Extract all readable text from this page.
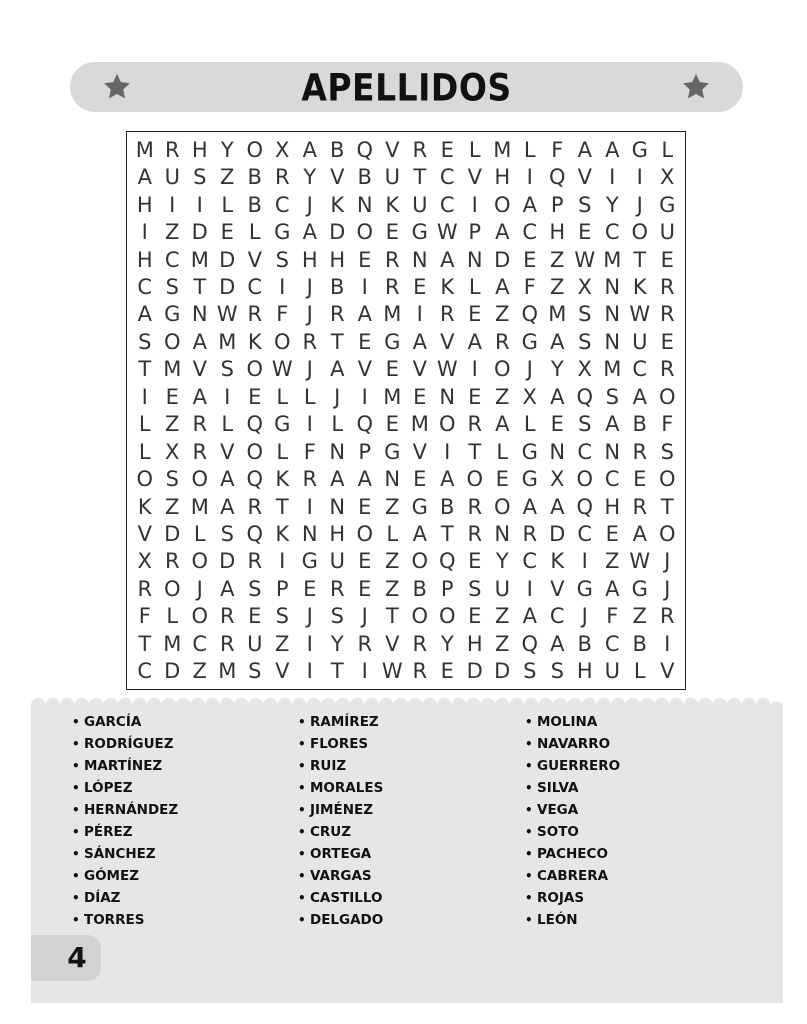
APELLIDOS
M R H Y O X A B Q V R E L M L F A A G L
A U S Z B R Y V B U T C V H I Q V I	I X
H I	I L B C J K N K U C I O A P S Y J G
I Z D E L G A D O E G W P A C H E C O U
H C M D V S H H E R N A N D E Z W M T E
C S T D C I	J B I R E K L A F Z X N K R
A G N W R F J R A M I R E Z Q M S N W R
S O A M K O R T E G A V A R G A S N U E
T M V S O W J A V E V W I O J Y X M C R
I E A I E L L J	I M E N E Z X A Q S A O
L Z R L Q G I L Q E M O R A L E S A B F
L X R V O L F N P G V I T L G N C N R S
O S O A Q K R A A N E A O E G X O C E O
K Z M A R T I N E Z G B R O A A Q H R T
V D L S Q K N H O L A T R N R D C E A O
X R O D R I G U E Z O Q E Y C K I Z W J
R O J A S P E R E Z B P S U I V G A G J
F L O R E S J S J T O O E Z A C J F Z R
T M C R U Z I Y R V R Y H Z Q A B C B I
C D Z M S V I T I W R E D D S S H U L V
• GARCÍA
• RODRÍGUEZ
• MARTÍNEZ
• LÓPEZ
• HERNÁNDEZ
• PÉREZ
• SÁNCHEZ
• GÓMEZ
• DÍAZ
• TORRES
• RAMÍREZ
• FLORES
• RUIZ
• MORALES
• JIMÉNEZ
• CRUZ
• ORTEGA
• VARGAS
• CASTILLO
• DELGADO
• MOLINA
• NAVARRO
• GUERRERO
• SILVA
• VEGA
• SOTO
• PACHECO
• CABRERA
• ROJAS
• LEÓN
4
